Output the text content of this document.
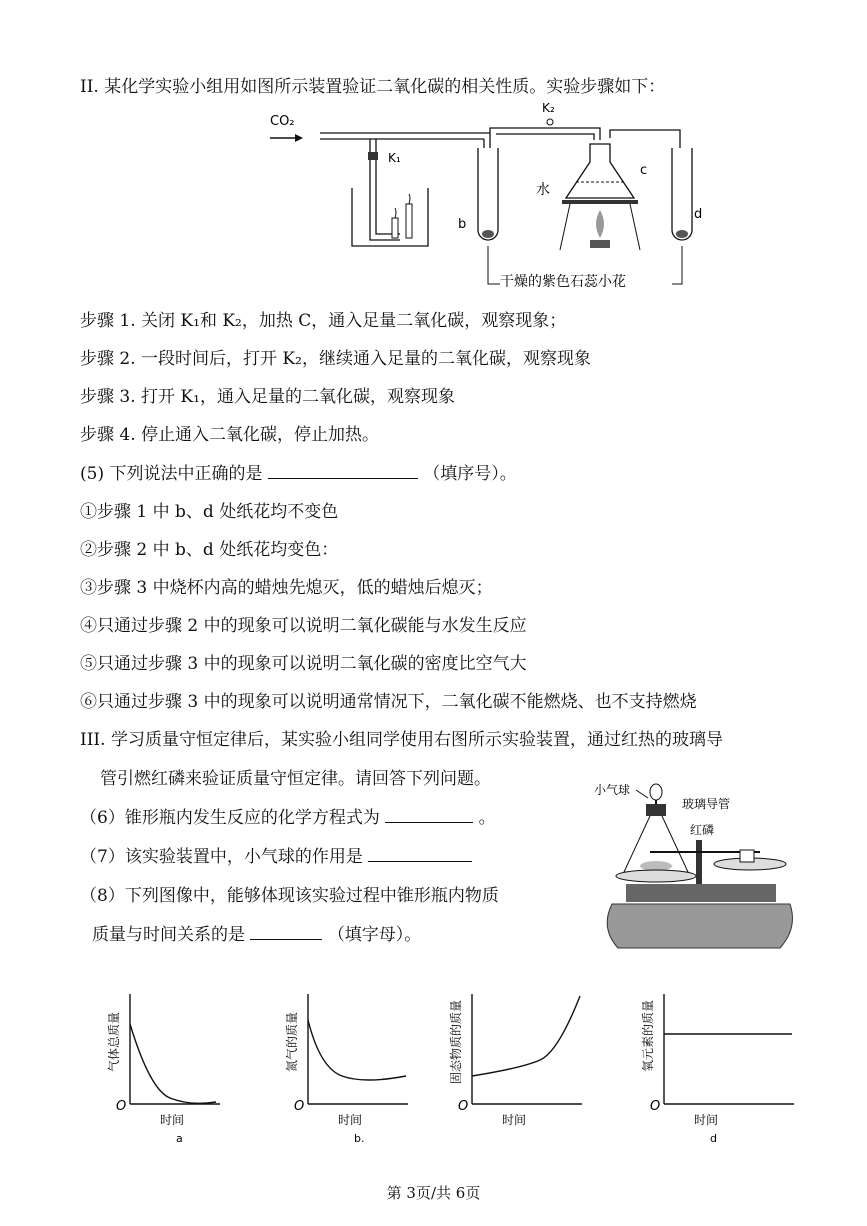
II. 某化学实验小组用如图所示装置验证二氧化碳的相关性质。实验步骤如下：
CO₂
K₁
b
K₂
c
水
d
干燥的紫色石蕊小花
步骤 1. 关闭 K₁和 K₂，加热 C，通入足量二氧化碳，观察现象；
步骤 2. 一段时间后，打开 K₂，继续通入足量的二氧化碳，观察现象
步骤 3. 打开 K₁，通入足量的二氧化碳，观察现象
步骤 4. 停止通入二氧化碳，停止加热。
(5) 下列说法中正确的是	（填序号）。
①步骤 1 中 b、d 处纸花均不变色
②步骤 2 中 b、d 处纸花均变色：
③步骤 3 中烧杯内高的蜡烛先熄灭，低的蜡烛后熄灭；
④只通过步骤 2 中的现象可以说明二氧化碳能与水发生反应
⑤只通过步骤 3 中的现象可以说明二氧化碳的密度比空气大
⑥只通过步骤 3 中的现象可以说明通常情况下，二氧化碳不能燃烧、也不支持燃烧
III. 学习质量守恒定律后，某实验小组同学使用右图所示实验装置，通过红热的玻璃导
管引燃红磷来验证质量守恒定律。请回答下列问题。
（6）锥形瓶内发生反应的化学方程式为	。
（7）该实验装置中，小气球的作用是
（8）下列图像中，能够体现该实验过程中锥形瓶内物质
质量与时间关系的是	（填字母）。
小气球
玻璃导管
红磷
O
时间
气体总质量
a
O
时间
氮气的质量
b.
O
时间
固态物质的质量
O
时间
氧元素的质量
d
第 3页/共 6页
